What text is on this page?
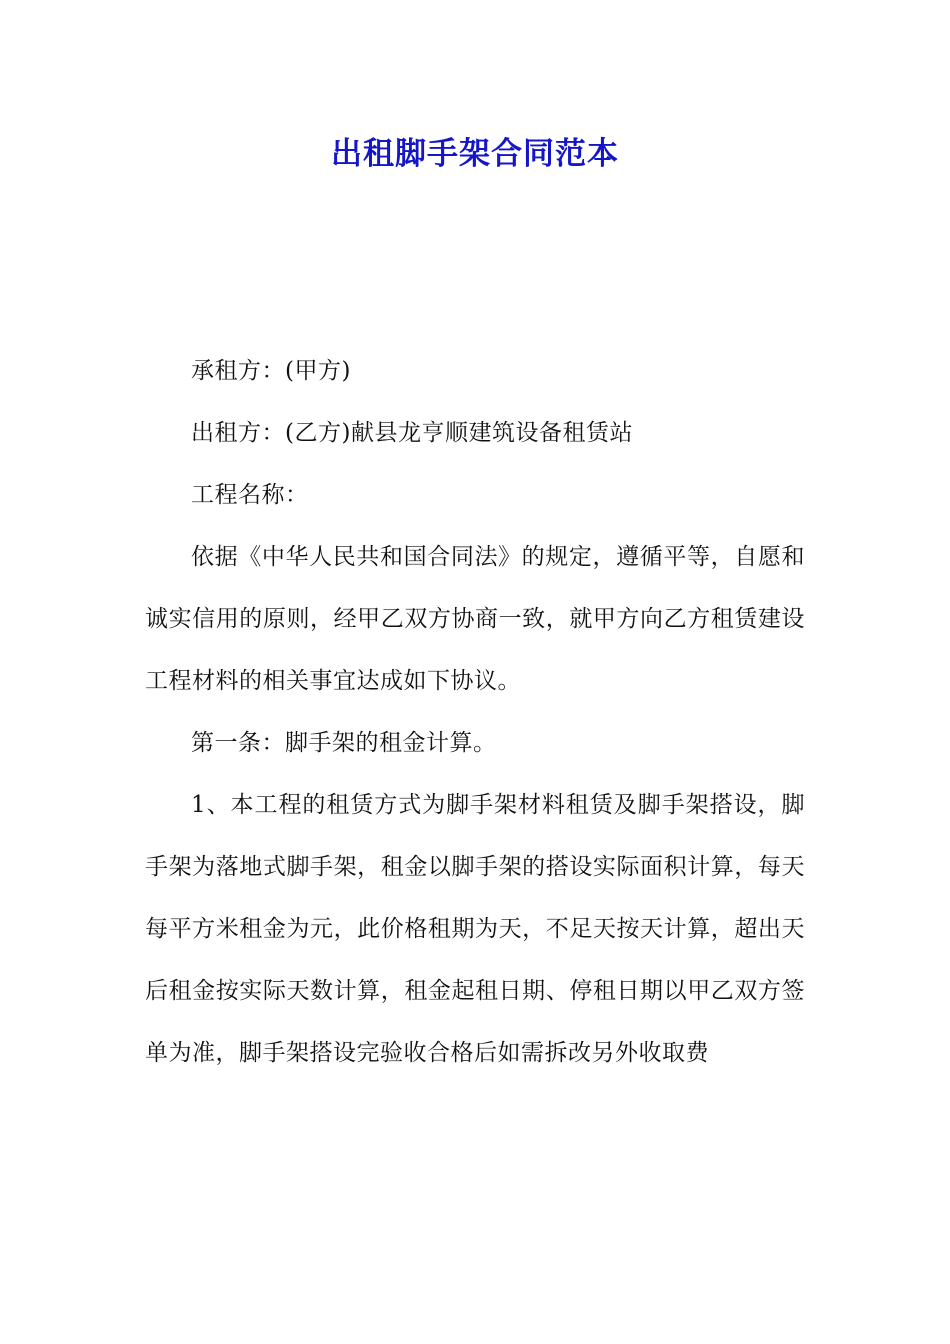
出租脚手架合同范本

承租方：(甲方)

出租方：(乙方)献县龙亨顺建筑设备租赁站

工程名称：

依据《中华人民共和国合同法》的规定，遵循平等，自愿和诚实信用的原则，经甲乙双方协商一致，就甲方向乙方租赁建设工程材料的相关事宜达成如下协议。

第一条：脚手架的租金计算。

1、本工程的租赁方式为脚手架材料租赁及脚手架搭设，脚手架为落地式脚手架，租金以脚手架的搭设实际面积计算，每天每平方米租金为元，此价格租期为天，不足天按天计算，超出天后租金按实际天数计算，租金起租日期、停租日期以甲乙双方签单为准，脚手架搭设完验收合格后如需拆改另外收取费
